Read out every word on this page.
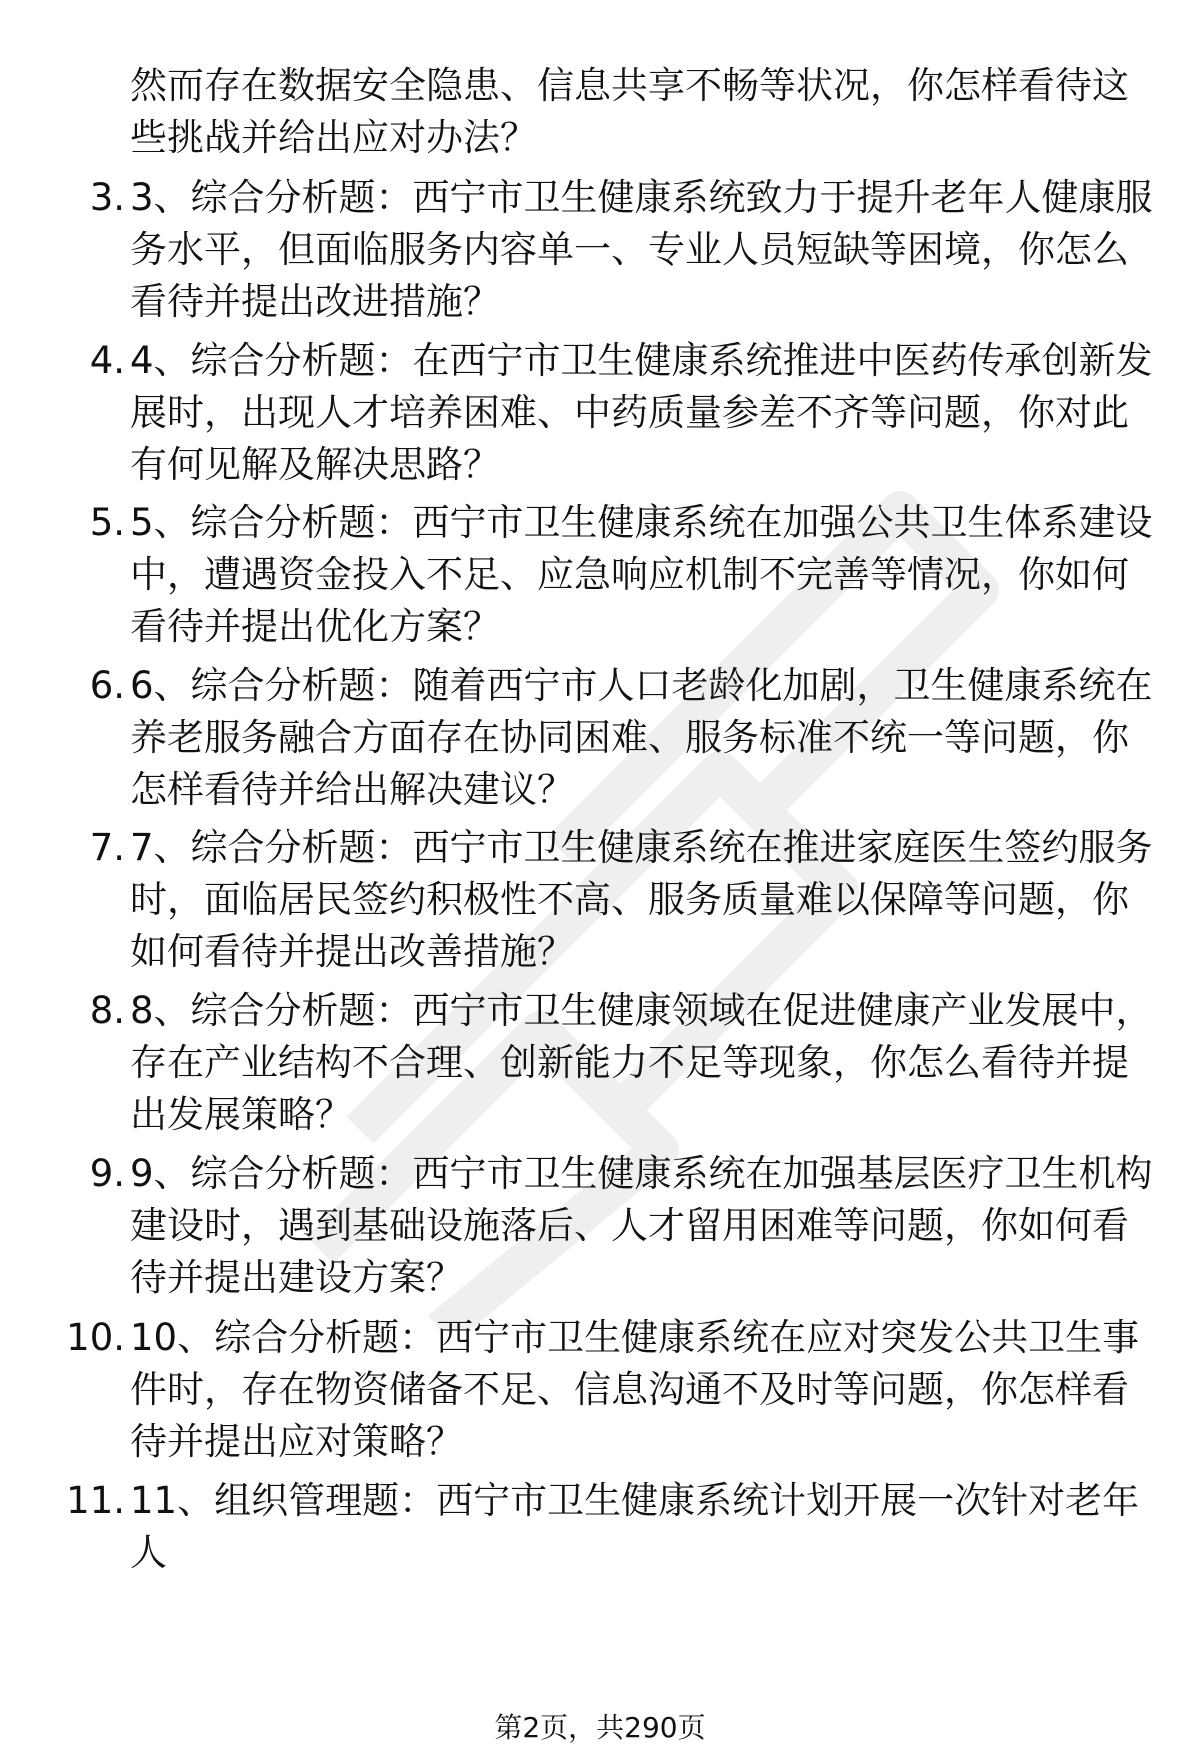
然而存在数据安全隐患、信息共享不畅等状况，你怎样看待这些挑战并给出应对办法？
3. 3、综合分析题：西宁市卫生健康系统致力于提升老年人健康服务水平，但面临服务内容单一、专业人员短缺等困境，你怎么看待并提出改进措施？
4. 4、综合分析题：在西宁市卫生健康系统推进中医药传承创新发展时，出现人才培养困难、中药质量参差不齐等问题，你对此有何见解及解决思路？
5. 5、综合分析题：西宁市卫生健康系统在加强公共卫生体系建设中，遭遇资金投入不足、应急响应机制不完善等情况，你如何看待并提出优化方案？
6. 6、综合分析题：随着西宁市人口老龄化加剧，卫生健康系统在养老服务融合方面存在协同困难、服务标准不统一等问题，你怎样看待并给出解决建议？
7. 7、综合分析题：西宁市卫生健康系统在推进家庭医生签约服务时，面临居民签约积极性不高、服务质量难以保障等问题，你如何看待并提出改善措施？
8. 8、综合分析题：西宁市卫生健康领域在促进健康产业发展中，存在产业结构不合理、创新能力不足等现象，你怎么看待并提出发展策略？
9. 9、综合分析题：西宁市卫生健康系统在加强基层医疗卫生机构建设时，遇到基础设施落后、人才留用困难等问题，你如何看待并提出建设方案？
10. 10、综合分析题：西宁市卫生健康系统在应对突发公共卫生事件时，存在物资储备不足、信息沟通不及时等问题，你怎样看待并提出应对策略？
11. 11、组织管理题：西宁市卫生健康系统计划开展一次针对老年人
第2页，共290页
